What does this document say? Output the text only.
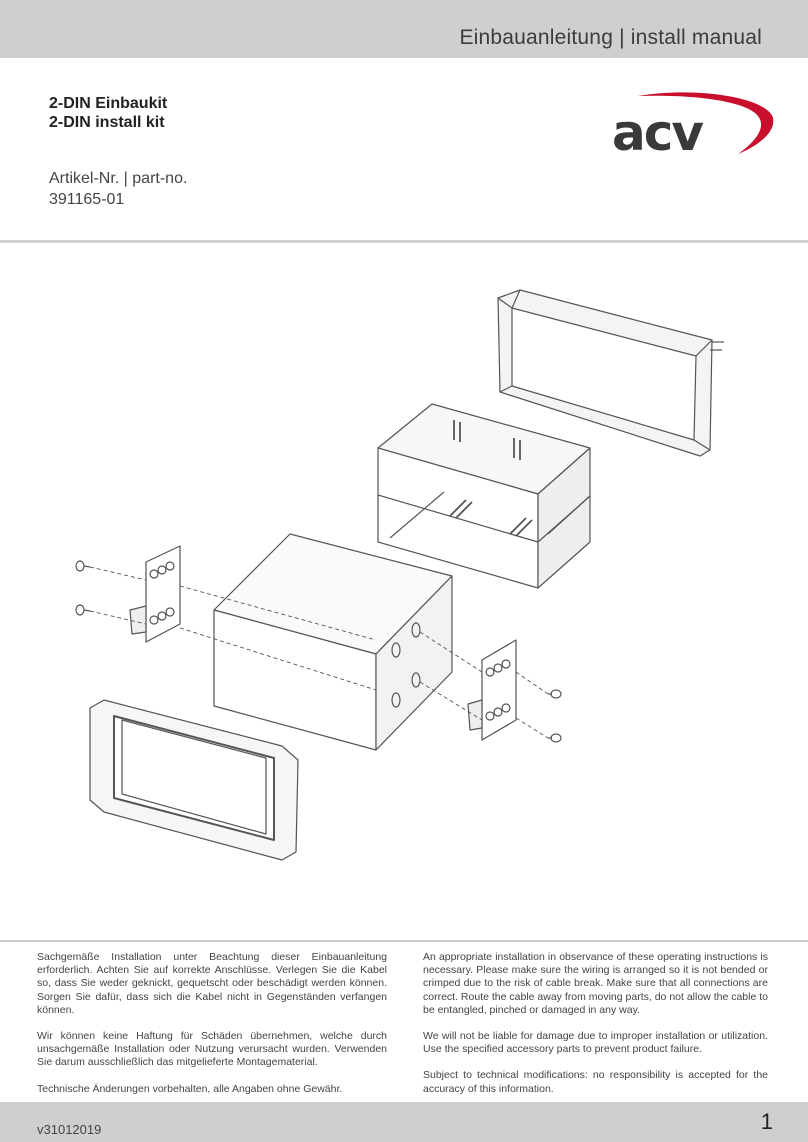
Einbauanleitung | install manual
2-DIN Einbaukit
2-DIN install kit
Artikel-Nr. | part-no.
391165-01
acv

Sachgemäße Installation unter Beachtung dieser Einbauanleitung erforderlich. Achten Sie auf korrekte Anschlüsse. Verlegen Sie die Kabel so, dass Sie weder geknickt, gequetscht oder beschädigt werden können. Sorgen Sie dafür, dass sich die Kabel nicht in Gegenständen verfangen können.

Wir können keine Haftung für Schäden übernehmen, welche durch unsachgemäße Installation oder Nutzung verursacht wurden. Verwenden Sie darum ausschließlich das mitgelieferte Montagematerial.

Technische Änderungen vorbehalten, alle Angaben ohne Gewähr.

An appropriate installation in observance of these operating instructions is necessary. Please make sure the wiring is arranged so it is not bended or crimped due to the risk of cable break. Make sure that all connections are correct. Route the cable away from moving parts, do not allow the cable to be entangled, pinched or damaged in any way.

We will not be liable for damage due to improper installation or utilization. Use the specified accessory parts to prevent product failure.

Subject to technical modifications: no responsibility is accepted for the accuracy of this information.

v31012019	1
